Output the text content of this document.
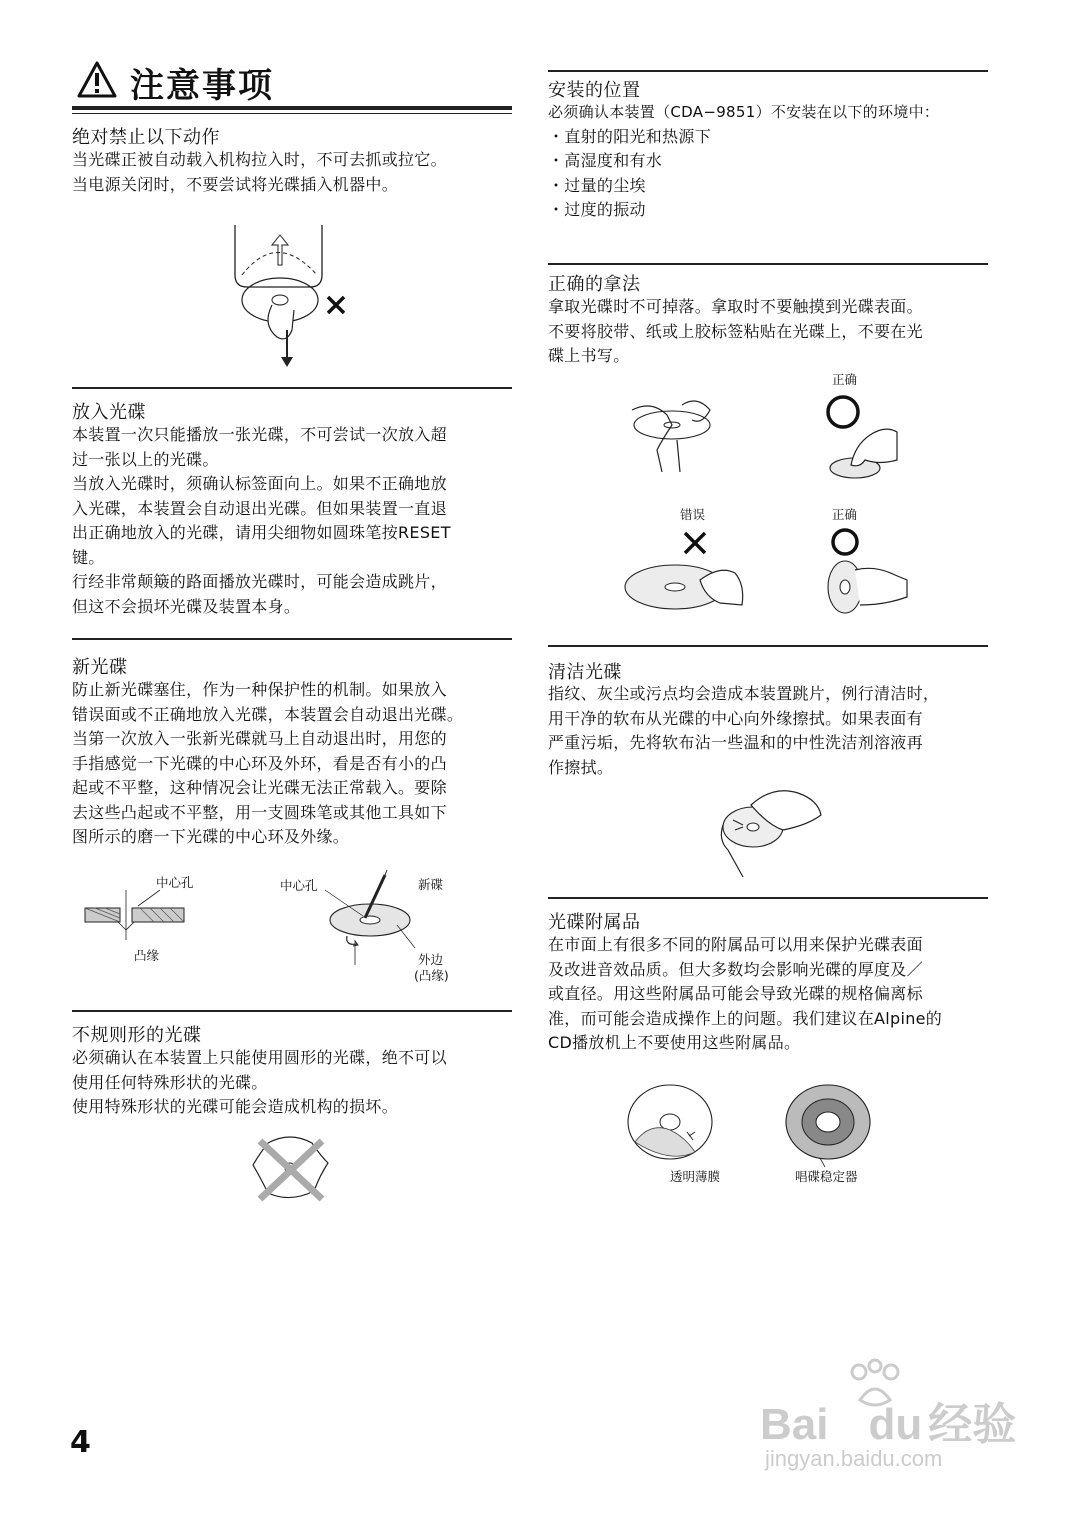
注意事项
绝对禁止以下动作
当光碟正被自动载入机构拉入时，不可去抓或拉它。
当电源关闭时，不要尝试将光碟插入机器中。
放入光碟
本装置一次只能播放一张光碟，不可尝试一次放入超
过一张以上的光碟。
当放入光碟时，须确认标签面向上。如果不正确地放
入光碟，本装置会自动退出光碟。但如果装置一直退
出正确地放入的光碟，请用尖细物如圆珠笔按RESET
键。
行经非常颠簸的路面播放光碟时，可能会造成跳片，
但这不会损坏光碟及装置本身。
新光碟
防止新光碟塞住，作为一种保护性的机制。如果放入
错误面或不正确地放入光碟，本装置会自动退出光碟。
当第一次放入一张新光碟就马上自动退出时，用您的
手指感觉一下光碟的中心环及外环，看是否有小的凸
起或不平整，这种情况会让光碟无法正常载入。要除
去这些凸起或不平整，用一支圆珠笔或其他工具如下
图所示的磨一下光碟的中心环及外缘。
中心孔
凸缘
中心孔	新碟
外边
(凸缘)
不规则形的光碟
必须确认在本装置上只能使用圆形的光碟，绝不可以
使用任何特殊形状的光碟。
使用特殊形状的光碟可能会造成机构的损坏。
安装的位置
必须确认本装置（CDA−9851）不安装在以下的环境中：
・直射的阳光和热源下
・高湿度和有水
・过量的尘埃
・过度的振动
正确的拿法
拿取光碟时不可掉落。拿取时不要触摸到光碟表面。
不要将胶带、纸或上胶标签粘贴在光碟上，不要在光
碟上书写。
正确
错误	正确
清洁光碟
指纹、灰尘或污点均会造成本装置跳片，例行清洁时，
用干净的软布从光碟的中心向外缘擦拭。如果表面有
严重污垢，先将软布沾一些温和的中性洗洁剂溶液再
作擦拭。
光碟附属品
在市面上有很多不同的附属品可以用来保护光碟表面
及改进音效品质。但大多数均会影响光碟的厚度及／
或直径。用这些附属品可能会导致光碟的规格偏离标
准，而可能会造成操作上的问题。我们建议在Alpine的
CD播放机上不要使用这些附属品。
透明薄膜	唱碟稳定器
4	Bai du 经验
jingyan.baidu.com
